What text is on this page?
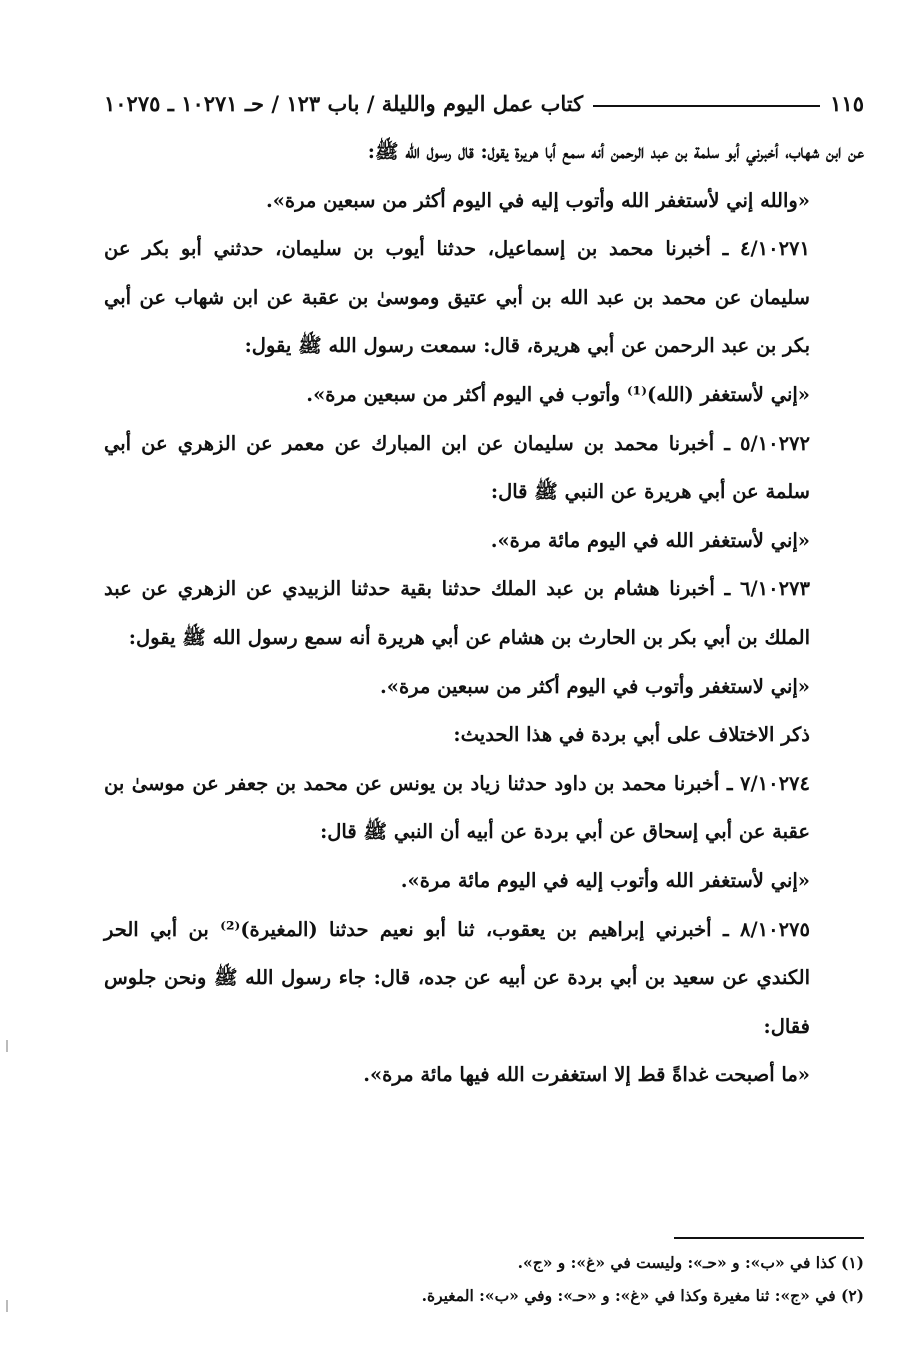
كتاب عمل اليوم والليلة / باب ١٢٣ / حـ ١٠٢٧١ ـ ١٠٢٧٥	١١٥

عن ابن شهاب، أخبرني أبو سلمة بن عبد الرحمن أنه سمع أبا هريرة يقول: قال رسول الله ﷺ:

«والله إني لأستغفر الله وأتوب إليه في اليوم أكثر من سبعين مرة».

٤/١٠٢٧١ ـ أخبرنا محمد بن إسماعيل، حدثنا أيوب بن سليمان، حدثني أبو بكر عن سليمان عن محمد بن عبد الله بن أبي عتيق وموسىٰ بن عقبة عن ابن شهاب عن أبي بكر بن عبد الرحمن عن أبي هريرة، قال: سمعت رسول الله ﷺ يقول:

«إني لأستغفر (الله)⁽¹⁾ وأتوب في اليوم أكثر من سبعين مرة».

٥/١٠٢٧٢ ـ أخبرنا محمد بن سليمان عن ابن المبارك عن معمر عن الزهري عن أبي سلمة عن أبي هريرة عن النبي ﷺ قال:

«إني لأستغفر الله في اليوم مائة مرة».

٦/١٠٢٧٣ ـ أخبرنا هشام بن عبد الملك حدثنا بقية حدثنا الزبيدي عن الزهري عن عبد الملك بن أبي بكر بن الحارث بن هشام عن أبي هريرة أنه سمع رسول الله ﷺ يقول:

«إني لاستغفر وأتوب في اليوم أكثر من سبعين مرة».

ذكر الاختلاف على أبي بردة في هذا الحديث:

٧/١٠٢٧٤ ـ أخبرنا محمد بن داود حدثنا زياد بن يونس عن محمد بن جعفر عن موسىٰ بن عقبة عن أبي إسحاق عن أبي بردة عن أبيه أن النبي ﷺ قال:

«إني لأستغفر الله وأتوب إليه في اليوم مائة مرة».

٨/١٠٢٧٥ ـ أخبرني إبراهيم بن يعقوب، ثنا أبو نعيم حدثنا (المغيرة)⁽²⁾ بن أبي الحر الكندي عن سعيد بن أبي بردة عن أبيه عن جده، قال: جاء رسول الله ﷺ ونحن جلوس فقال:

«ما أصبحت غداةً قط إلا استغفرت الله فيها مائة مرة».

(١) كذا في «ب»: و «حـ»: وليست في «غ»: و «ج».

(٢) في «ج»: ثنا مغيرة وكذا في «غ»: و «حـ»: وفي «ب»: المغيرة.
